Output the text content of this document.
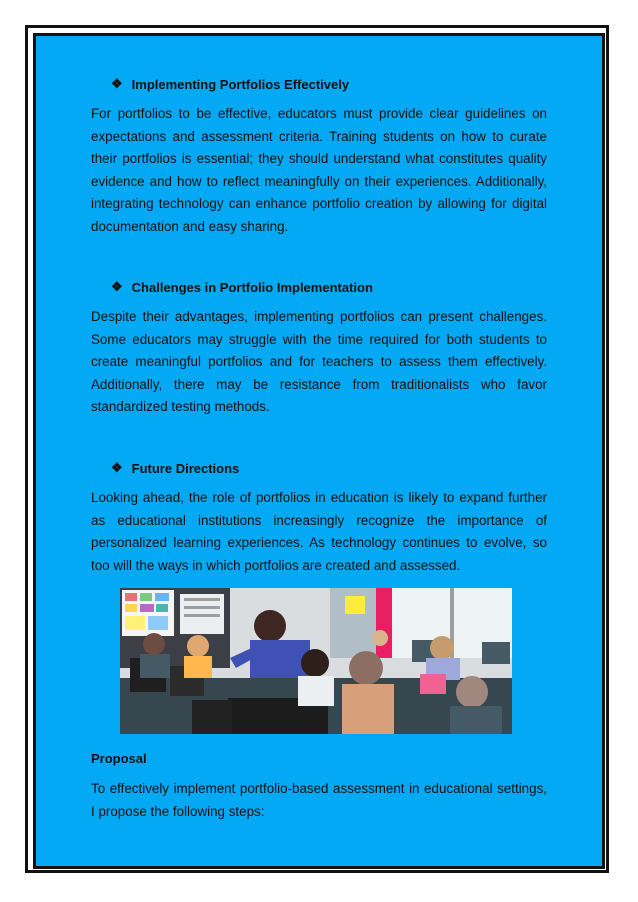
❖ Implementing Portfolios Effectively
For portfolios to be effective, educators must provide clear guidelines on expectations and assessment criteria. Training students on how to curate their portfolios is essential; they should understand what constitutes quality evidence and how to reflect meaningfully on their experiences. Additionally, integrating technology can enhance portfolio creation by allowing for digital documentation and easy sharing.
❖ Challenges in Portfolio Implementation
Despite their advantages, implementing portfolios can present challenges. Some educators may struggle with the time required for both students to create meaningful portfolios and for teachers to assess them effectively. Additionally, there may be resistance from traditionalists who favor standardized testing methods.
❖ Future Directions
Looking ahead, the role of portfolios in education is likely to expand further as educational institutions increasingly recognize the importance of personalized learning experiences. As technology continues to evolve, so too will the ways in which portfolios are created and assessed.
Proposal
To effectively implement portfolio-based assessment in educational settings, I propose the following steps:
